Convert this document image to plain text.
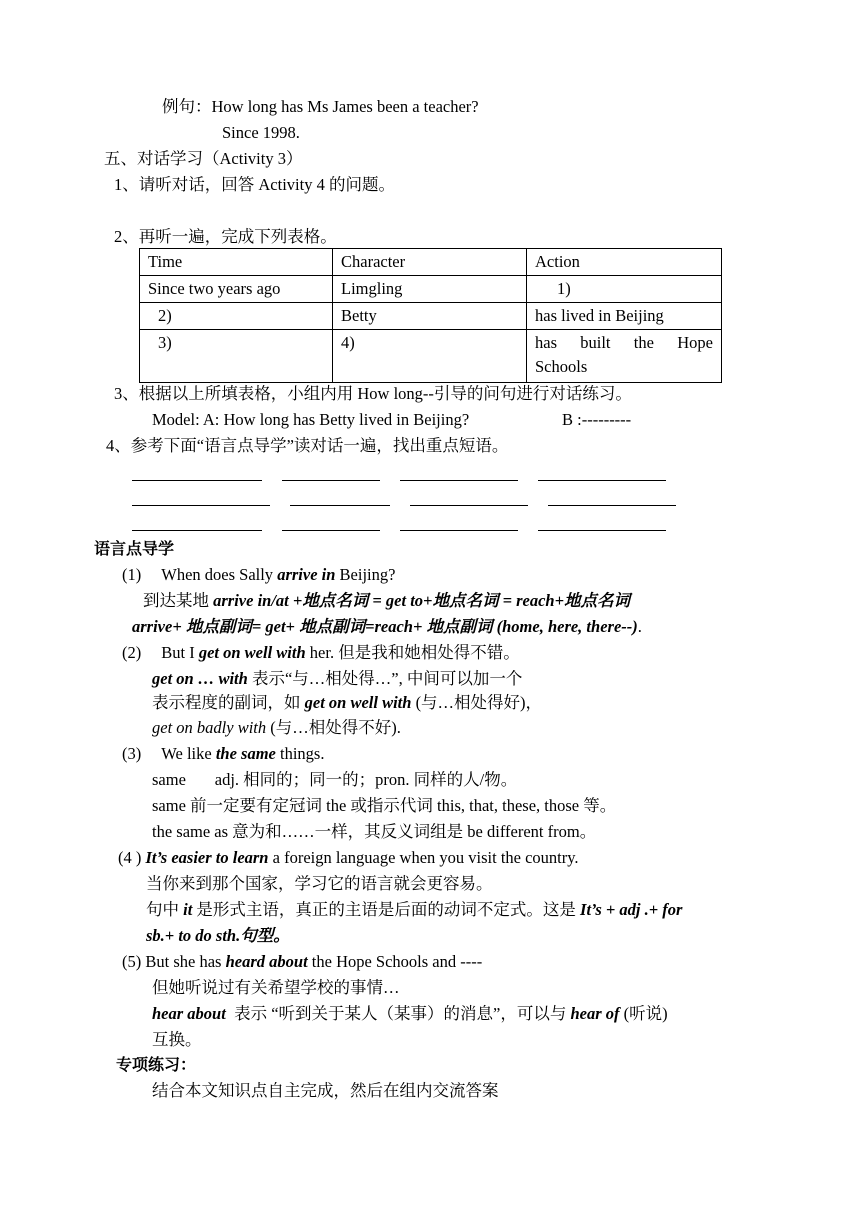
例句：How long has Ms James been a teacher?
Since 1998.
五、对话学习（Activity 3）
1、请听对话，回答 Activity 4 的问题。
2、再听一遍，完成下列表格。
Time	Character	Action
Since two years ago	Limgling	1)
2)	Betty	has lived in Beijing
3)	4)	has built the Hope
Schools
3、根据以上所填表格，小组内用 How long--引导的问句进行对话练习。
Model: A: How long has Betty lived in Beijing?	B :---------
4、参考下面“语言点导学”读对话一遍，找出重点短语。
语言点导学
(1) When does Sally arrive in Beijing?
到达某地 arrive in/at +地点名词 = get to+地点名词 = reach+地点名词
arrive+ 地点副词= get+ 地点副词=reach+ 地点副词 (home, here, there--).
(2) But I get on well with her. 但是我和她相处得不错。
get on … with 表示“与…相处得…”, 中间可以加一个
表示程度的副词，如 get on well with (与…相处得好)，
get on badly with (与…相处得不好).
(3) We like the same things.
same       adj. 相同的；同一的；pron. 同样的人/物。
same 前一定要有定冠词 the 或指示代词 this, that, these, those 等。
the same as 意为和……一样，其反义词组是 be different from。
(4 ) It’s easier to learn a foreign language when you visit the country.
当你来到那个国家，学习它的语言就会更容易。
句中 it 是形式主语，真正的主语是后面的动词不定式。这是 It’s + adj .+ for
sb.+ to do sth.句型。
(5) But she has heard about the Hope Schools and ----
但她听说过有关希望学校的事情…
hear about  表示 “听到关于某人（某事）的消息”，可以与 hear of (听说)
互换。
专项练习：
结合本文知识点自主完成，然后在组内交流答案
